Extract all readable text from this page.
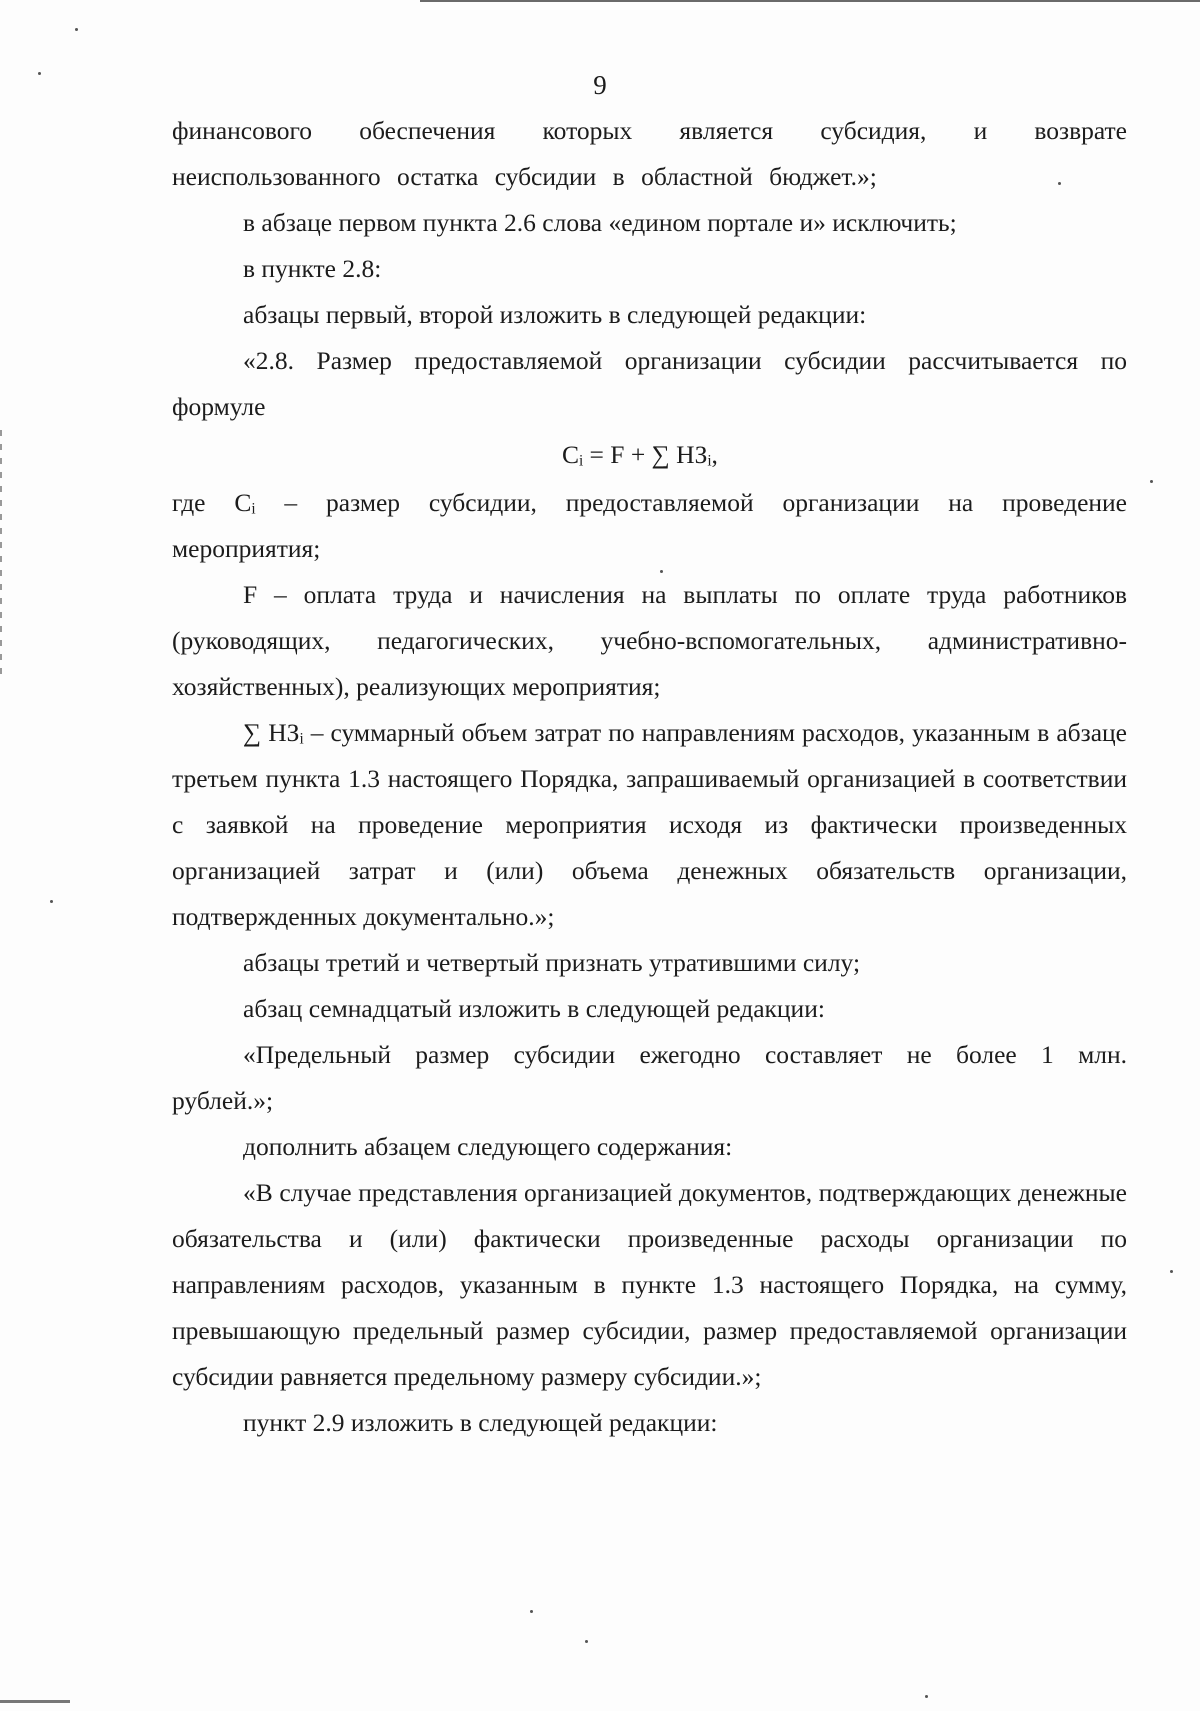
9

финансового обеспечения которых является субсидия, и возврате неиспользованного остатка субсидии в областной бюджет.»;

в абзаце первом пункта 2.6 слова «едином портале и» исключить;

в пункте 2.8:

абзацы первый, второй изложить в следующей редакции:

«2.8. Размер предоставляемой организации субсидии рассчитывается по формуле

Cᵢ = F + ∑ НЗᵢ,

где Cᵢ – размер субсидии, предоставляемой организации на проведение мероприятия;

F – оплата труда и начисления на выплаты по оплате труда работников (руководящих, педагогических, учебно-вспомогательных, административно-хозяйственных), реализующих мероприятия;

∑ НЗᵢ – суммарный объем затрат по направлениям расходов, указанным в абзаце третьем пункта 1.3 настоящего Порядка, запрашиваемый организацией в соответствии с заявкой на проведение мероприятия исходя из фактически произведенных организацией затрат и (или) объема денежных обязательств организации, подтвержденных документально.»;

абзацы третий и четвертый признать утратившими силу;

абзац семнадцатый изложить в следующей редакции:

«Предельный размер субсидии ежегодно составляет не более 1 млн. рублей.»;

дополнить абзацем следующего содержания:

«В случае представления организацией документов, подтверждающих денежные обязательства и (или) фактически произведенные расходы организации по направлениям расходов, указанным в пункте 1.3 настоящего Порядка, на сумму, превышающую предельный размер субсидии, размер предоставляемой организации субсидии равняется предельному размеру субсидии.»;

пункт 2.9 изложить в следующей редакции:
